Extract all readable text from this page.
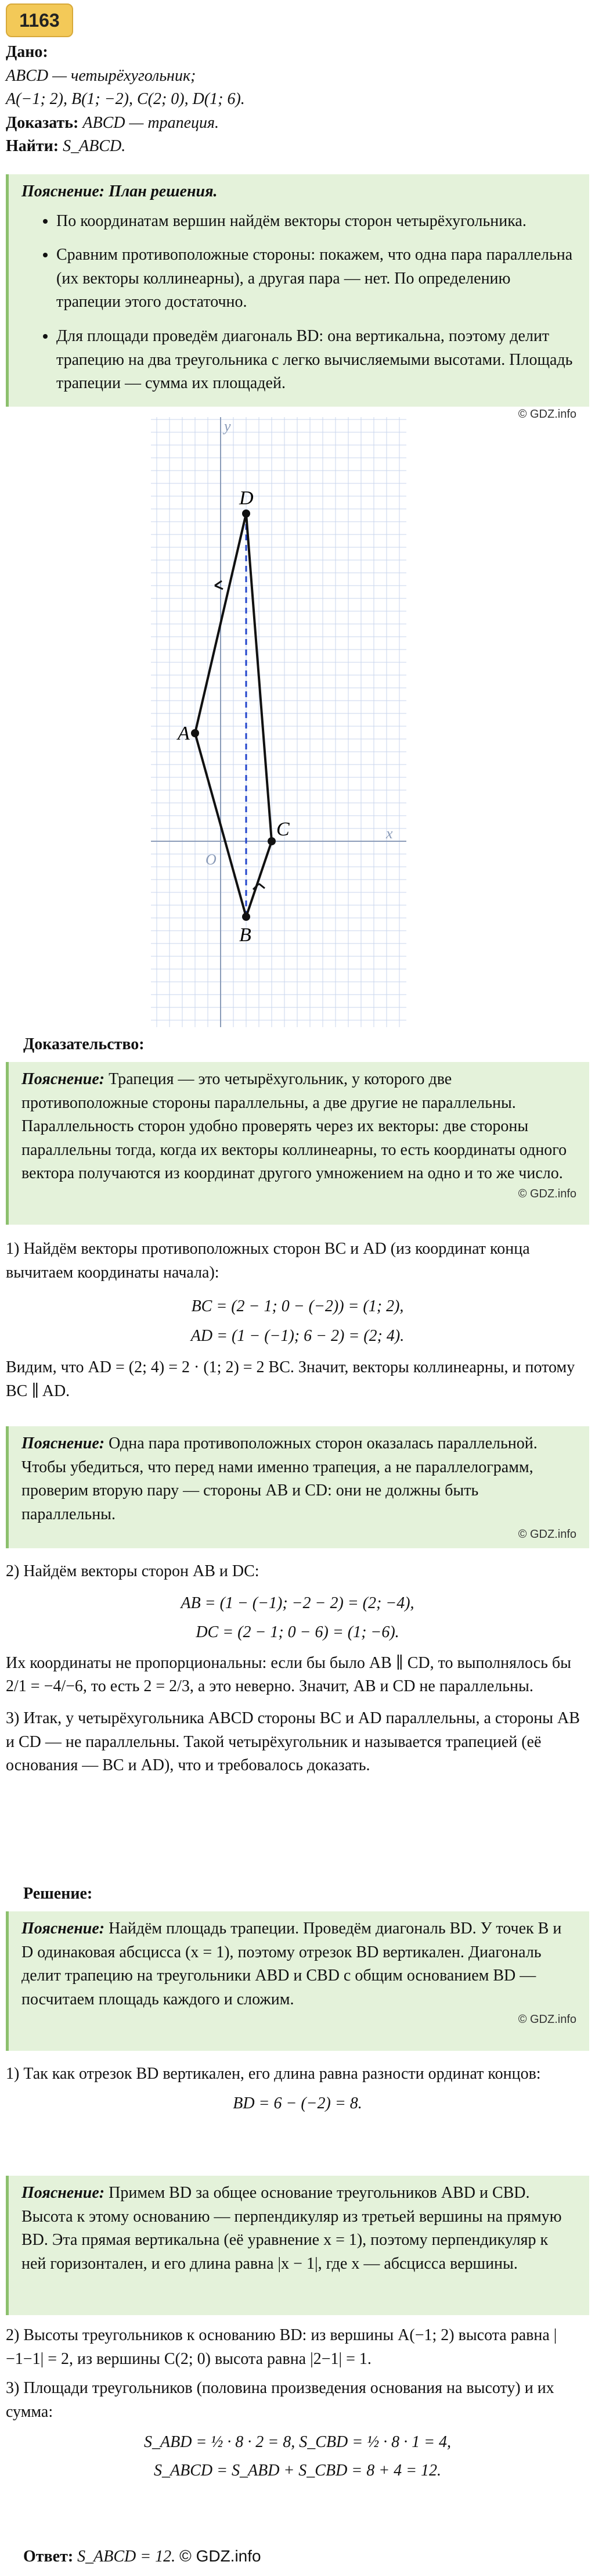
1163

Дано:

ABCD — четырёхугольник;

A(−1; 2), B(1; −2), C(2; 0), D(1; 6).

Доказать: ABCD — трапеция.

Найти: S_ABCD.

Пояснение: План решения.
• По координатам вершин найдём векторы сторон четырёхугольника.
• Сравним противоположные стороны: покажем, что одна пара параллельна (их векторы коллинеарны), а другая пара — нет. По определению трапеции этого достаточно.
• Для площади проведём диагональ BD: она вертикальна, поэтому делит трапецию на два треугольника с легко вычисляемыми высотами. Площадь трапеции — сумма их площадей.
© GDZ.info
y
x
O
A
B
C
D
Доказательство:

Пояснение: Трапеция — это четырёхугольник, у которого две противоположные стороны параллельны, а две другие не параллельны. Параллельность сторон удобно проверять через их векторы: две стороны параллельны тогда, когда их векторы коллинеарны, то есть координаты одного вектора получаются из координат другого умножением на одно и то же число.

© GDZ.info

1) Найдём векторы противоположных сторон BC и AD (из координат конца вычитаем координаты начала):

BC = (2 − 1; 0 − (−2)) = (1; 2),

AD = (1 − (−1); 6 − 2) = (2; 4).

Видим, что AD = (2; 4) = 2 · (1; 2) = 2 BC. Значит, векторы коллинеарны, и потому BC ∥ AD.

Пояснение: Одна пара противоположных сторон оказалась параллельной. Чтобы убедиться, что перед нами именно трапеция, а не параллелограмм, проверим вторую пару — стороны AB и CD: они не должны быть параллельны.

© GDZ.info

2) Найдём векторы сторон AB и DC:

AB = (1 − (−1); −2 − 2) = (2; −4),

DC = (2 − 1; 0 − 6) = (1; −6).

Их координаты не пропорциональны: если бы было AB ∥ CD, то выполнялось бы 2/1 = −4/−6, то есть 2 = 2/3, а это неверно. Значит, AB и CD не параллельны.

3) Итак, у четырёхугольника ABCD стороны BC и AD параллельны, а стороны AB и CD — не параллельны. Такой четырёхугольник и называется трапецией (её основания — BC и AD), что и требовалось доказать.

Решение:

Пояснение: Найдём площадь трапеции. Проведём диагональ BD. У точек B и D одинаковая абсцисса (x = 1), поэтому отрезок BD вертикален. Диагональ делит трапецию на треугольники ABD и CBD с общим основанием BD — посчитаем площадь каждого и сложим.

© GDZ.info

1) Так как отрезок BD вертикален, его длина равна разности ординат концов:

BD = 6 − (−2) = 8.

Пояснение: Примем BD за общее основание треугольников ABD и CBD. Высота к этому основанию — перпендикуляр из третьей вершины на прямую BD. Эта прямая вертикальна (её уравнение x = 1), поэтому перпендикуляр к ней горизонтален, и его длина равна |x − 1|, где x — абсцисса вершины.

2) Высоты треугольников к основанию BD: из вершины A(−1; 2) высота равна |−1−1| = 2, из вершины C(2; 0) высота равна |2−1| = 1.

3) Площади треугольников (половина произведения основания на высоту) и их сумма:

S_ABD = ½ · 8 · 2 = 8, S_CBD = ½ · 8 · 1 = 4,

S_ABCD = S_ABD + S_CBD = 8 + 4 = 12.

Ответ: S_ABCD = 12. © GDZ.info
